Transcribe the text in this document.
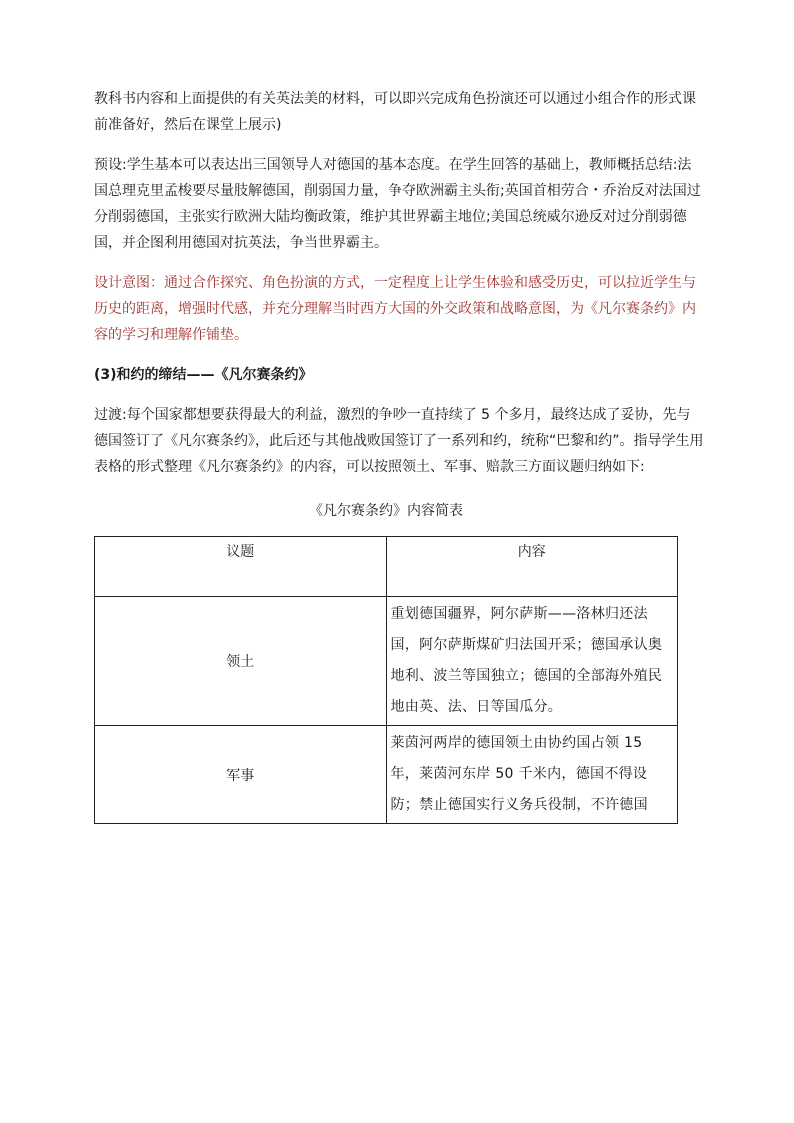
教科书内容和上面提供的有关英法美的材料，可以即兴完成角色扮演还可以通过小组合作的形式课前准备好，然后在课堂上展示)

预设:学生基本可以表达出三国领导人对德国的基本态度。在学生回答的基础上，教师概括总结:法国总理克里孟梭要尽量肢解德国，削弱国力量，争夺欧洲霸主头衔;英国首相劳合・乔治反对法国过分削弱德国，主张实行欧洲大陆均衡政策，维护其世界霸主地位;美国总统威尔逊反对过分削弱德国，并企图利用德国对抗英法，争当世界霸主。

设计意图：通过合作探究、角色扮演的方式，一定程度上让学生体验和感受历史，可以拉近学生与历史的距离，增强时代感，并充分理解当时西方大国的外交政策和战略意图，为《凡尔赛条约》内容的学习和理解作铺垫。

(3)和约的缔结——《凡尔赛条约》

过渡:每个国家都想要获得最大的利益，激烈的争吵一直持续了 5 个多月，最终达成了妥协，先与德国签订了《凡尔赛条约》，此后还与其他战败国签订了一系列和约，统称“巴黎和约”。指导学生用表格的形式整理《凡尔赛条约》的内容，可以按照领土、军事、赔款三方面议题归纳如下:

《凡尔赛条约》内容简表
议题	内容
领土	重划德国疆界，阿尔萨斯——洛林归还法国，阿尔萨斯煤矿归法国开采；德国承认奥地利、波兰等国独立；德国的全部海外殖民地由英、法、日等国瓜分。
军事	莱茵河两岸的德国领土由协约国占领 15 年，莱茵河东岸 50 千米内，德国不得设防；禁止德国实行义务兵役制，不许德国
